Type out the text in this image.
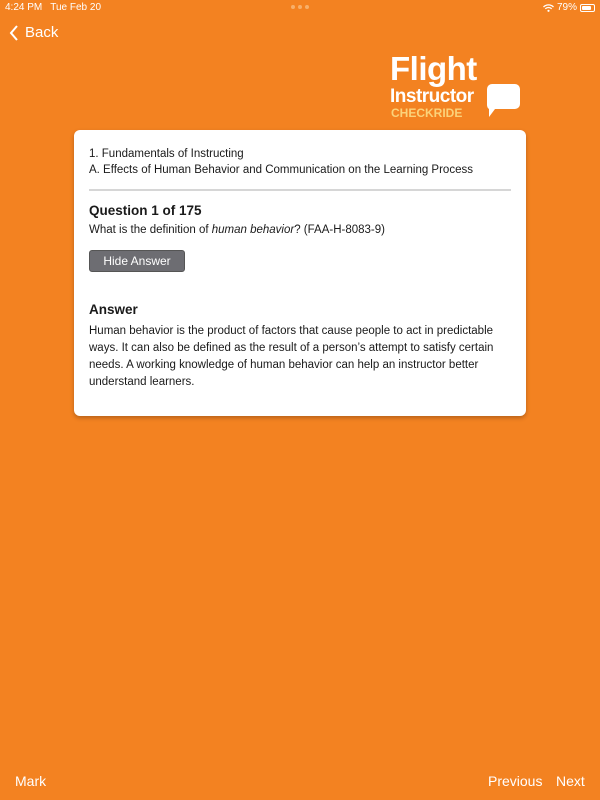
4:24 PM Tue Feb 20	79%
Back
Flight
Instructor
CHECKRIDE
1. Fundamentals of Instructing
A. Effects of Human Behavior and Communication on the Learning Process
Question 1 of 175
What is the definition of human behavior? (FAA-H-8083-9)
Hide Answer
Answer
Human behavior is the product of factors that cause people to act in predictable ways. It can also be defined as the result of a person’s attempt to satisfy certain needs. A working knowledge of human behavior can help an instructor better understand learners.
Mark	Previous Next
